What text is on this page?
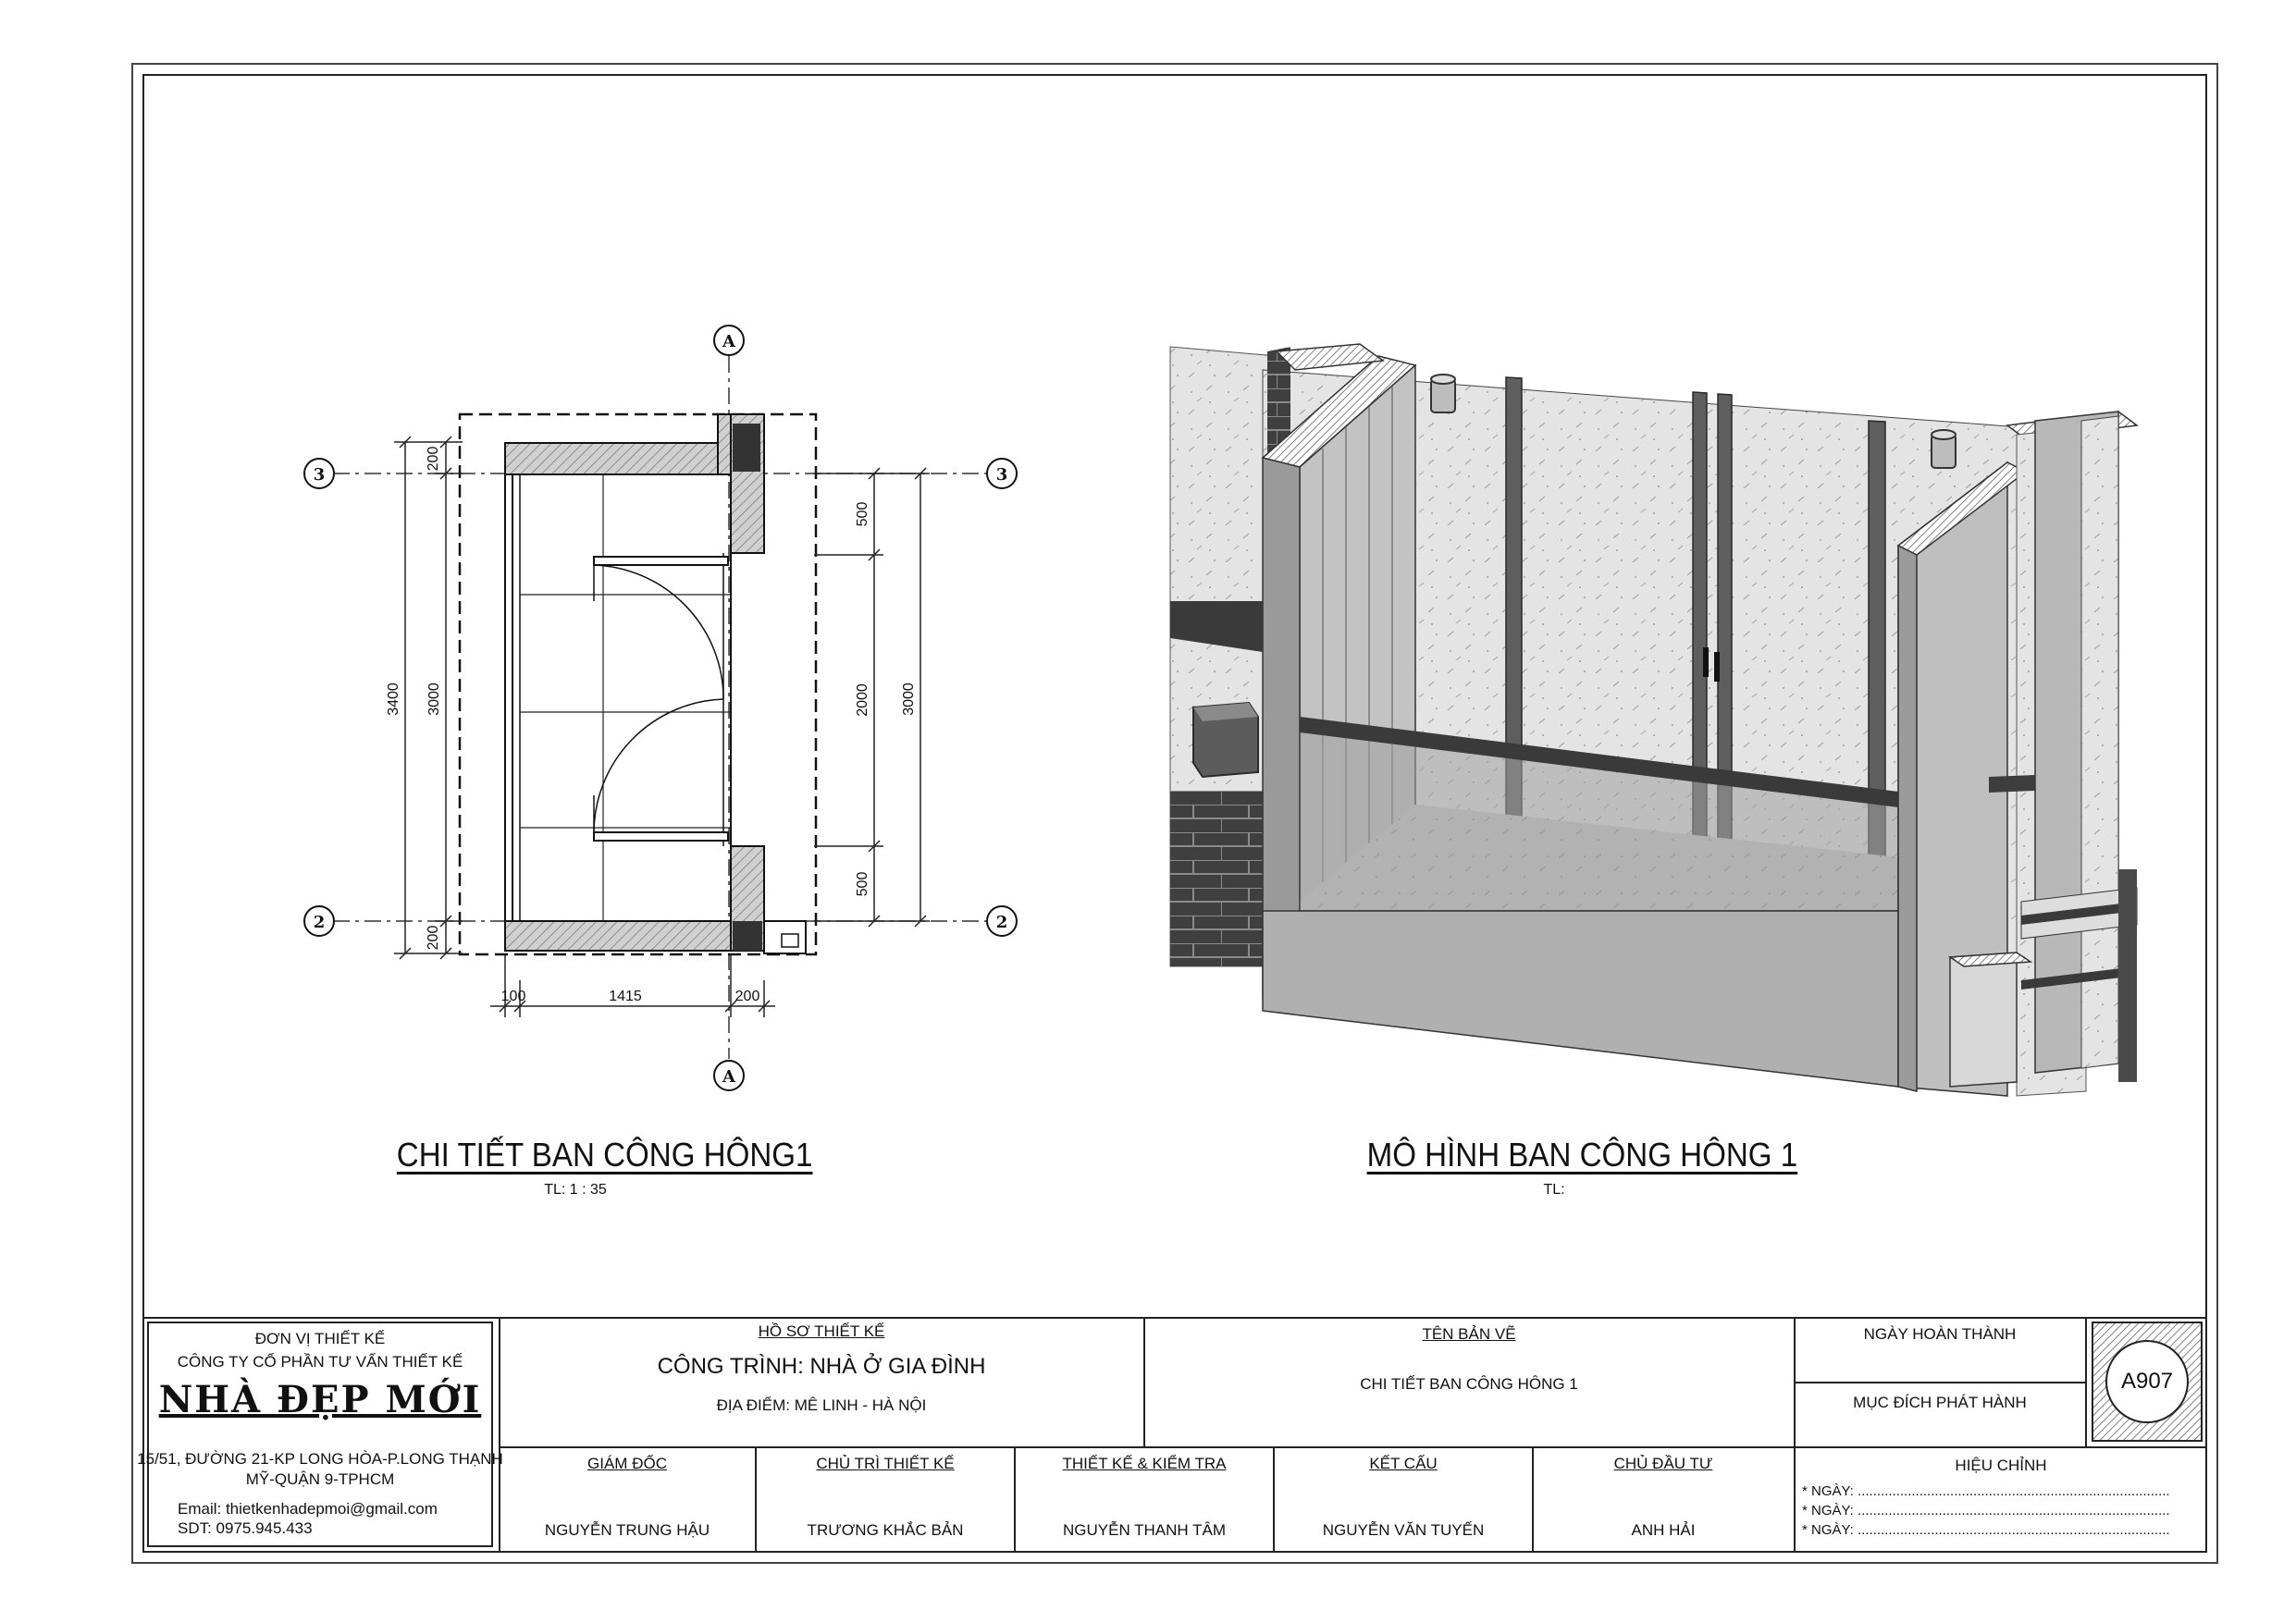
A
A
3	3
2	2
200
3400 3000
200
500
2000
500
3000
100	1415	200
CHI TIẾT BAN CÔNG HÔNG1
TL: 1 : 35
MÔ HÌNH BAN CÔNG HÔNG 1
TL:
ĐƠN VỊ THIẾT KẾ
CÔNG TY CỔ PHẦN TƯ VẤN THIẾT KẾ
NHÀ ĐẸP MỚI
15/51, ĐƯỜNG 21-KP LONG HÒA-P.LONG THẠNH
MỸ-QUẬN 9-TPHCM
Email: thietkenhadepmoi@gmail.com
SDT: 0975.945.433
HỒ SƠ THIẾT KẾ
CÔNG TRÌNH: NHÀ Ở GIA ĐÌNH
ĐỊA ĐIỂM: MÊ LINH - HÀ NỘI
TÊN BẢN VẼ
CHI TIẾT BAN CÔNG HÔNG 1
NGÀY HOÀN THÀNH
MỤC ĐÍCH PHÁT HÀNH
A907
HIỆU CHỈNH
* NGÀY: .................................................................................
* NGÀY: .................................................................................
* NGÀY: .................................................................................
GIÁM ĐỐC
NGUYỄN TRUNG HẬU
CHỦ TRÌ THIẾT KẾ
TRƯƠNG KHẮC BẢN
THIẾT KẾ & KIỂM TRA
NGUYỄN THANH TÂM
KẾT CẤU
NGUYỄN VĂN TUYẾN
CHỦ ĐẦU TƯ
ANH HẢI
